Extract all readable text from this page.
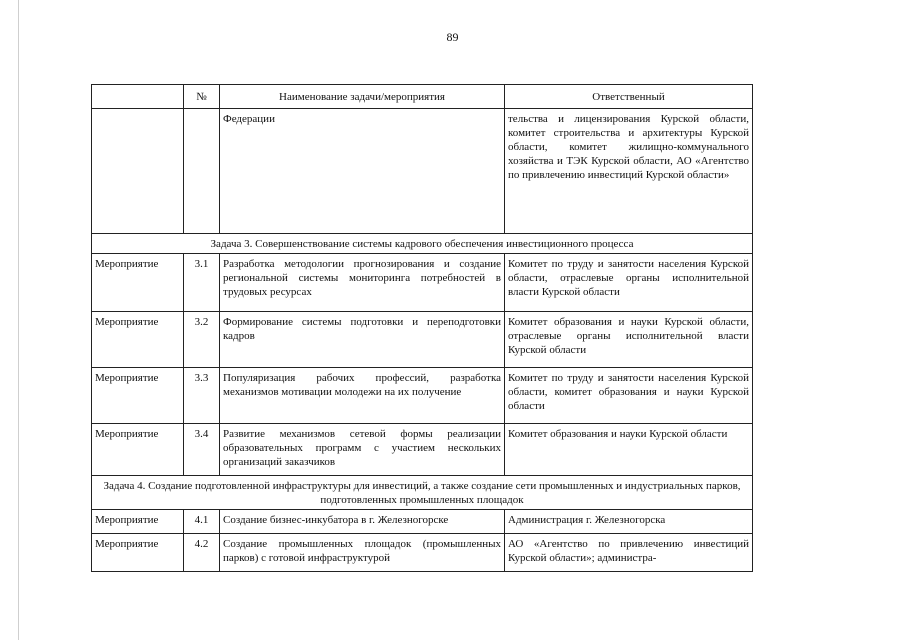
89
	№	Наименование задачи/мероприятия	Ответственный
		Федерации	тельства и лицензирования Курской области, комитет строительства и архитектуры Курской области, комитет жилищно-коммунального хозяйства и ТЭК Курской области, АО «Агентство по привлечению инвестиций Курской области»
Задача 3. Совершенствование системы кадрового обеспечения инвестиционного процесса			
Мероприятие	3.1	Разработка методологии прогнозирования и создание региональной системы мониторинга потребностей в трудовых ресурсах	Комитет по труду и занятости населения Курской области, отраслевые органы исполнительной власти Курской области
Мероприятие	3.2	Формирование системы подготовки и переподготовки кадров	Комитет образования и науки Курской области, отраслевые органы исполнительной власти Курской области
Мероприятие	3.3	Популяризация рабочих профессий, разработка механизмов мотивации молодежи на их получение	Комитет по труду и занятости населения Курской области, комитет образования и науки Курской области
Мероприятие	3.4	Развитие механизмов сетевой формы реализации образовательных программ с участием нескольких организаций заказчиков	Комитет образования и науки Курской области
Задача 4. Создание подготовленной инфраструктуры для инвестиций, а также создание сети промышленных и индустриальных парков, подготовленных промышленных площадок			
Мероприятие	4.1	Создание бизнес-инкубатора в г. Железногорске	Администрация г. Железногорска
Мероприятие	4.2	Создание промышленных площадок (промышленных парков) с готовой инфраструктурой	АО «Агентство по привлечению инвестиций Курской области»; администра-
